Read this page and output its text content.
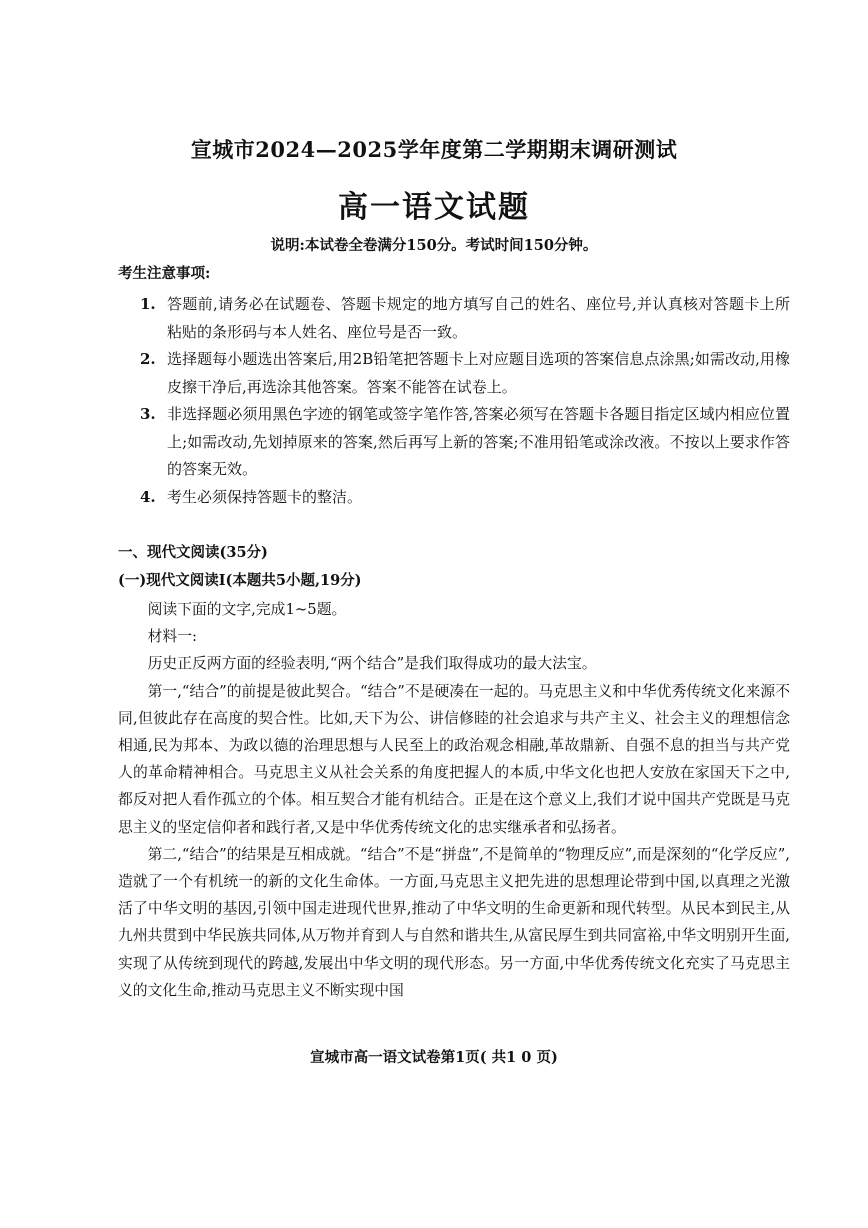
宣城市2024—2025学年度第二学期期末调研测试
高一语文试题
说明:本试卷全卷满分150分。考试时间150分钟。
考生注意事项:
1. 答题前,请务必在试题卷、答题卡规定的地方填写自己的姓名、座位号,并认真核对答题卡上所粘贴的条形码与本人姓名、座位号是否一致。
2. 选择题每小题选出答案后,用2B铅笔把答题卡上对应题目选项的答案信息点涂黑;如需改动,用橡皮擦干净后,再选涂其他答案。答案不能答在试卷上。
3. 非选择题必须用黑色字迹的钢笔或签字笔作答,答案必须写在答题卡各题目指定区域内相应位置上;如需改动,先划掉原来的答案,然后再写上新的答案;不准用铅笔或涂改液。不按以上要求作答的答案无效。
4. 考生必须保持答题卡的整洁。
一、现代文阅读(35分)
(一)现代文阅读Ⅰ(本题共5小题,19分)

阅读下面的文字,完成1~5题。

材料一:

历史正反两方面的经验表明,“两个结合”是我们取得成功的最大法宝。

第一,“结合”的前提是彼此契合。“结合”不是硬凑在一起的。马克思主义和中华优秀传统文化来源不同,但彼此存在高度的契合性。比如,天下为公、讲信修睦的社会追求与共产主义、社会主义的理想信念相通,民为邦本、为政以德的治理思想与人民至上的政治观念相融,革故鼎新、自强不息的担当与共产党人的革命精神相合。马克思主义从社会关系的角度把握人的本质,中华文化也把人安放在家国天下之中,都反对把人看作孤立的个体。相互契合才能有机结合。正是在这个意义上,我们才说中国共产党既是马克思主义的坚定信仰者和践行者,又是中华优秀传统文化的忠实继承者和弘扬者。

第二,“结合”的结果是互相成就。“结合”不是“拼盘”,不是简单的“物理反应”,而是深刻的“化学反应”,造就了一个有机统一的新的文化生命体。一方面,马克思主义把先进的思想理论带到中国,以真理之光激活了中华文明的基因,引领中国走进现代世界,推动了中华文明的生命更新和现代转型。从民本到民主,从九州共贯到中华民族共同体,从万物并育到人与自然和谐共生,从富民厚生到共同富裕,中华文明别开生面,实现了从传统到现代的跨越,发展出中华文明的现代形态。另一方面,中华优秀传统文化充实了马克思主义的文化生命,推动马克思主义不断实现中国

宣城市高一语文试卷第1页( 共1 0 页)
